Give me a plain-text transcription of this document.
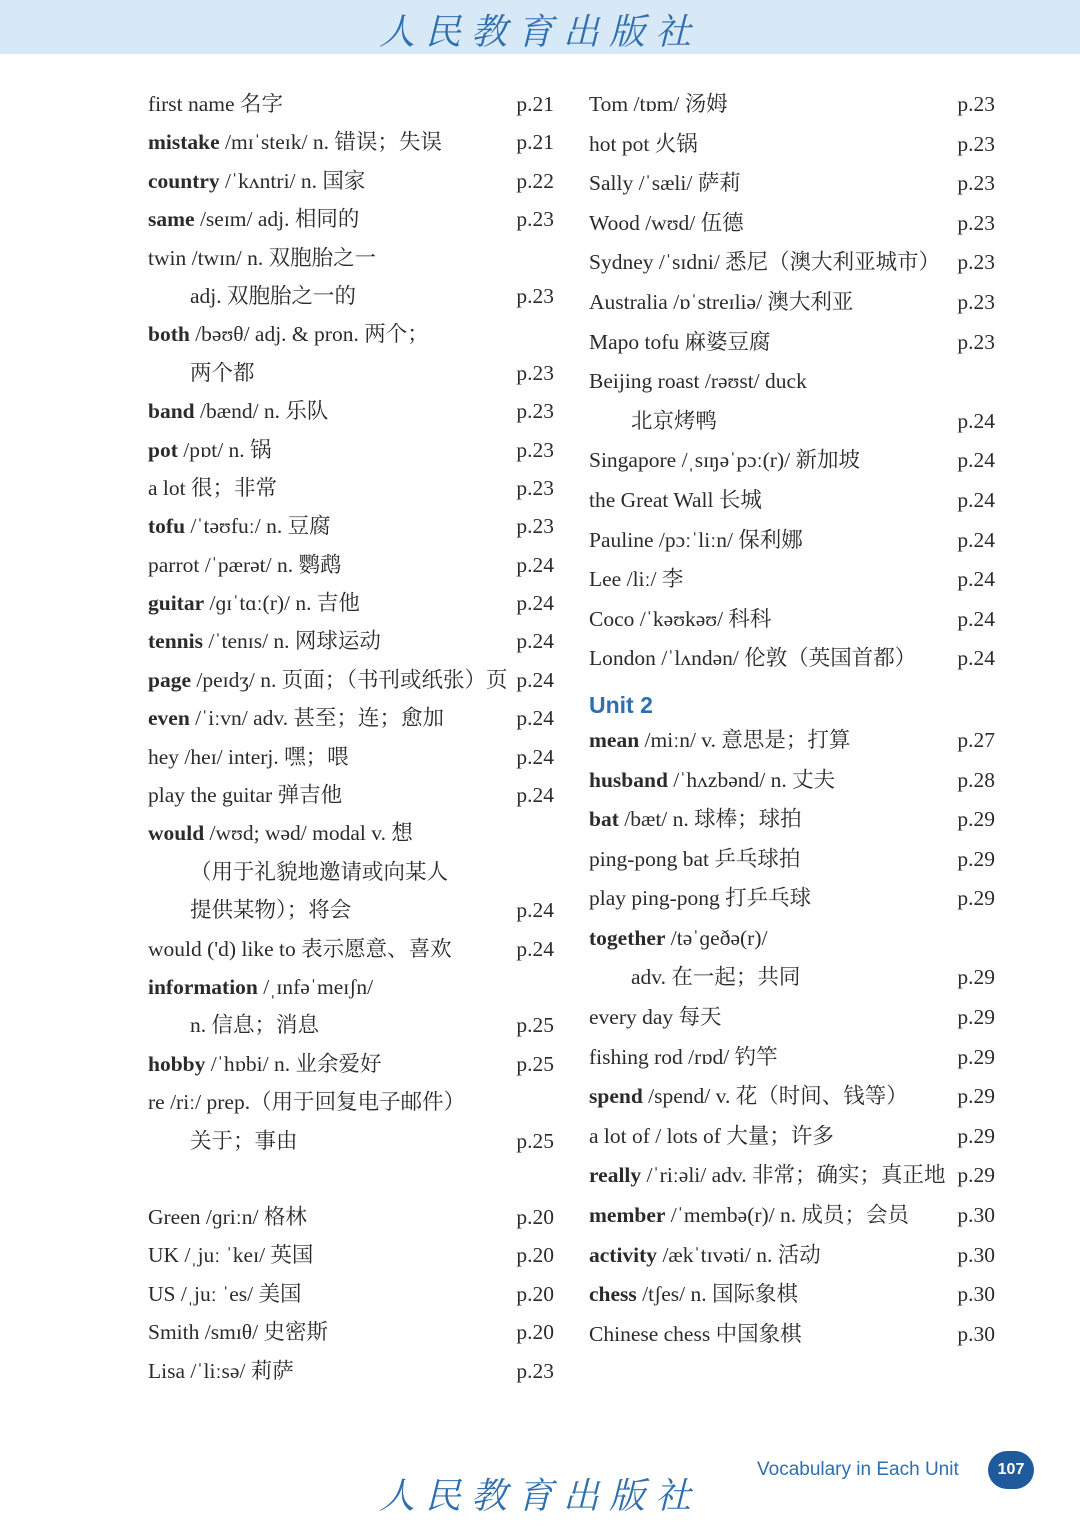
人民教育出版社
first name 名字	p.21
mistake /mɪˈsteɪk/ n. 错误；失误	p.21
country /ˈkʌntri/ n. 国家	p.22
same /seɪm/ adj. 相同的	p.23
twin /twɪn/ n. 双胞胎之一
adj. 双胞胎之一的	p.23
both /bəʊθ/ adj. & pron. 两个；
两个都	p.23
band /bænd/ n. 乐队	p.23
pot /pɒt/ n. 锅	p.23
a lot 很；非常	p.23
tofu /ˈtəʊfuː/ n. 豆腐	p.23
parrot /ˈpærət/ n. 鹦鹉	p.24
guitar /ɡɪˈtɑː(r)/ n. 吉他	p.24
tennis /ˈtenɪs/ n. 网球运动	p.24
page /peɪdʒ/ n. 页面；（书刊或纸张）页 p.24
even /ˈiːvn/ adv. 甚至；连；愈加	p.24
hey /heɪ/ interj. 嘿；喂	p.24
play the guitar 弹吉他	p.24
would /wʊd; wəd/ modal v. 想
（用于礼貌地邀请或向某人
提供某物）；将会	p.24
would ('d) like to 表示愿意、喜欢	p.24
information /ˌɪnfəˈmeɪʃn/
n. 信息；消息	p.25
hobby /ˈhɒbi/ n. 业余爱好	p.25
re /riː/ prep.（用于回复电子邮件）
关于；事由	p.25
Green /ɡriːn/ 格林	p.20
UK /ˌjuː ˈkeɪ/ 英国	p.20
US /ˌjuː ˈes/ 美国	p.20
Smith /smɪθ/ 史密斯	p.20
Lisa /ˈliːsə/ 莉萨	p.23
Tom /tɒm/ 汤姆	p.23
hot pot 火锅	p.23
Sally /ˈsæli/ 萨莉	p.23
Wood /wʊd/ 伍德	p.23
Sydney /ˈsɪdni/ 悉尼（澳大利亚城市） p.23
Australia /ɒˈstreɪliə/ 澳大利亚	p.23
Mapo tofu 麻婆豆腐	p.23
Beijing roast /rəʊst/ duck
北京烤鸭	p.24
Singapore /ˌsɪŋəˈpɔː(r)/ 新加坡	p.24
the Great Wall 长城	p.24
Pauline /pɔːˈliːn/ 保利娜	p.24
Lee /liː/ 李	p.24
Coco /ˈkəʊkəʊ/ 科科	p.24
London /ˈlʌndən/ 伦敦（英国首都） p.24
Unit 2
mean /miːn/ v. 意思是；打算	p.27
husband /ˈhʌzbənd/ n. 丈夫	p.28
bat /bæt/ n. 球棒；球拍	p.29
ping-pong bat 乒乓球拍	p.29
play ping-pong 打乒乓球	p.29
together /təˈɡeðə(r)/
adv. 在一起；共同	p.29
every day 每天	p.29
fishing rod /rɒd/ 钓竿	p.29
spend /spend/ v. 花（时间、钱等） p.29
a lot of / lots of 大量；许多	p.29
really /ˈriːəli/ adv. 非常；确实；真正地 p.29
member /ˈmembə(r)/ n. 成员；会员 p.30
activity /ækˈtɪvəti/ n. 活动	p.30
chess /tʃes/ n. 国际象棋	p.30
Chinese chess 中国象棋	p.30
Vocabulary in Each Unit	107
人民教育出版社
